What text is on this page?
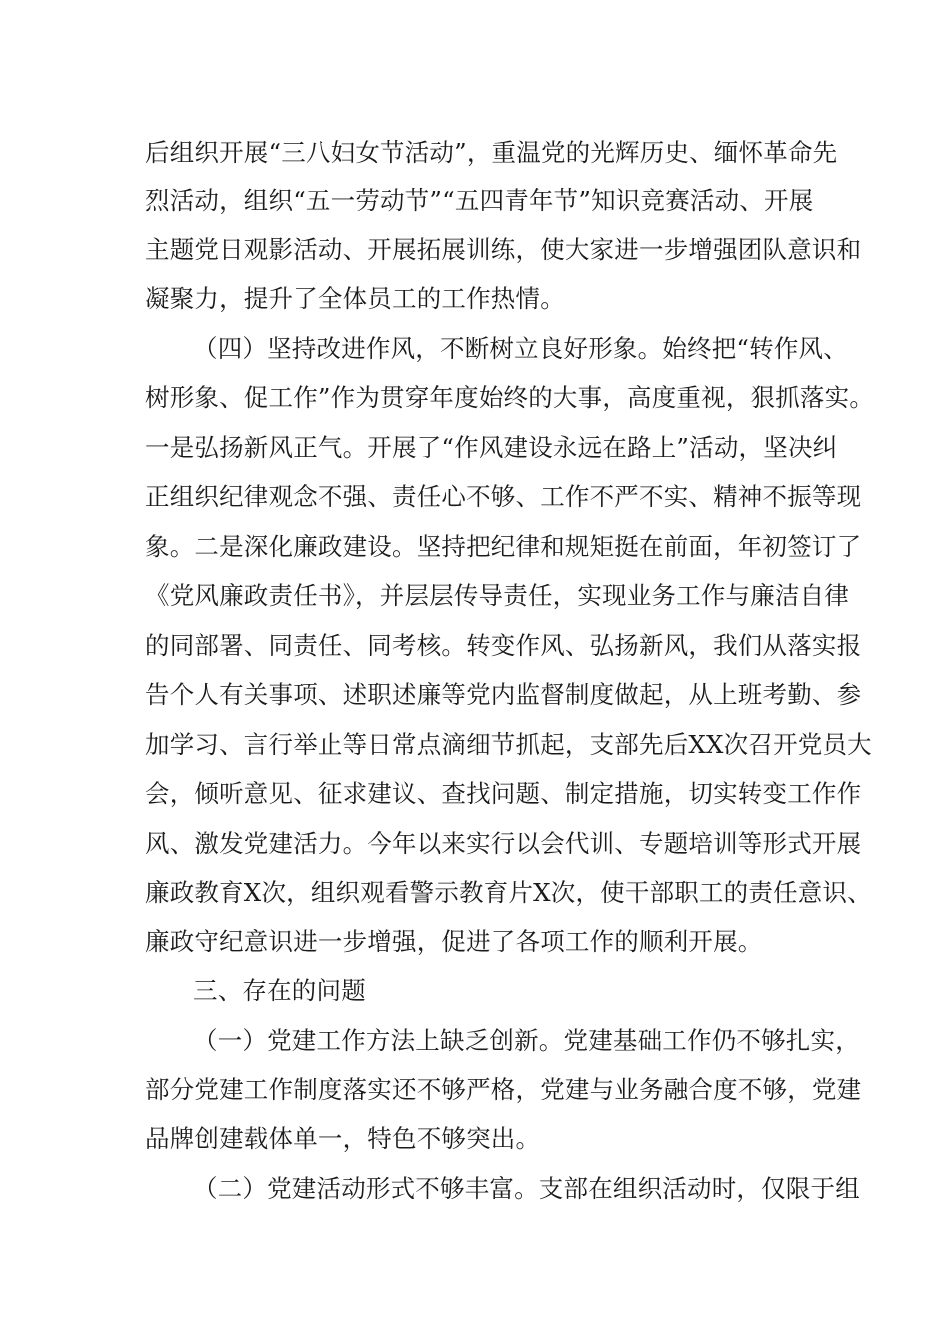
后组织开展“三八妇女节活动”，重温党的光辉历史、缅怀革命先
烈活动，组织“五一劳动节”“五四青年节”知识竞赛活动、开展
主题党日观影活动、开展拓展训练，使大家进一步增强团队意识和
凝聚力，提升了全体员工的工作热情。
（四）坚持改进作风，不断树立良好形象。始终把“转作风、
树形象、促工作”作为贯穿年度始终的大事，高度重视，狠抓落实。
一是弘扬新风正气。开展了“作风建设永远在路上”活动，坚决纠
正组织纪律观念不强、责任心不够、工作不严不实、精神不振等现
象。二是深化廉政建设。坚持把纪律和规矩挺在前面，年初签订了
《党风廉政责任书》，并层层传导责任，实现业务工作与廉洁自律
的同部署、同责任、同考核。转变作风、弘扬新风，我们从落实报
告个人有关事项、述职述廉等党内监督制度做起，从上班考勤、参
加学习、言行举止等日常点滴细节抓起，支部先后XX次召开党员大
会，倾听意见、征求建议、查找问题、制定措施，切实转变工作作
风、激发党建活力。今年以来实行以会代训、专题培训等形式开展
廉政教育X次，组织观看警示教育片X次，使干部职工的责任意识、
廉政守纪意识进一步增强，促进了各项工作的顺利开展。
三、存在的问题
（一）党建工作方法上缺乏创新。党建基础工作仍不够扎实，
部分党建工作制度落实还不够严格，党建与业务融合度不够，党建
品牌创建载体单一，特色不够突出。
（二）党建活动形式不够丰富。支部在组织活动时，仅限于组
